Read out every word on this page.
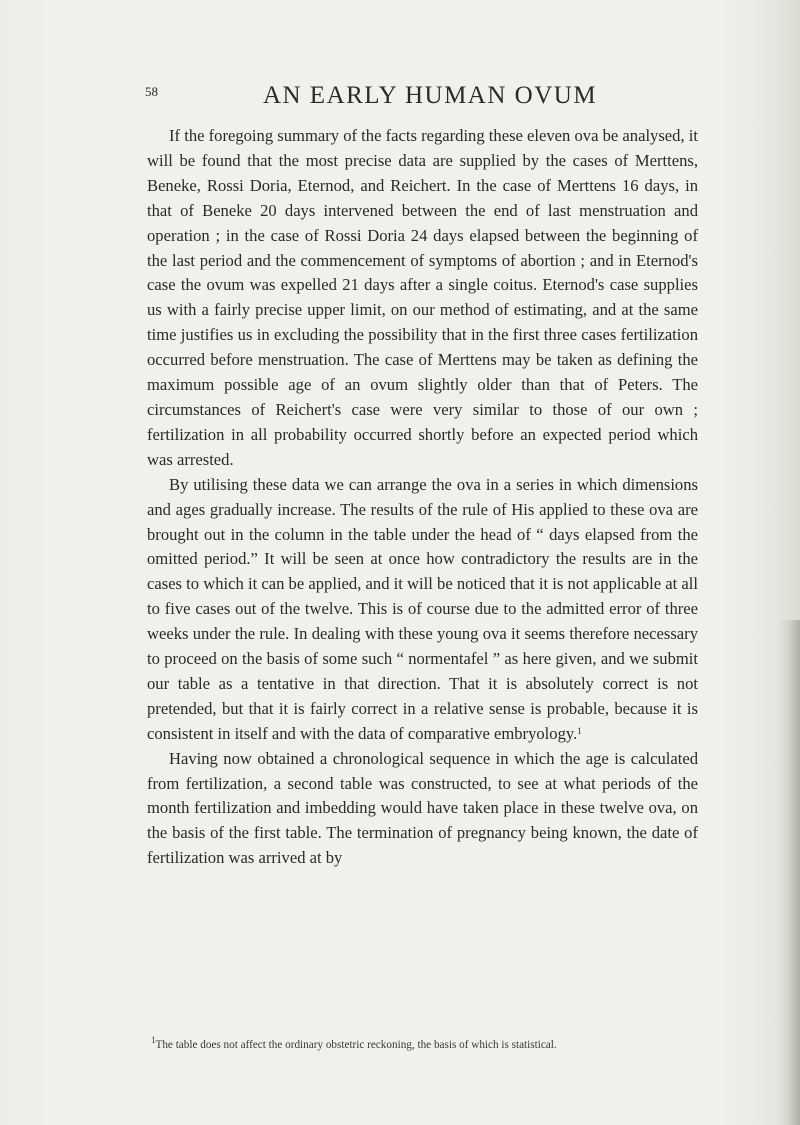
58	AN EARLY HUMAN OVUM

If the foregoing summary of the facts regarding these eleven ova be analysed, it will be found that the most precise data are supplied by the cases of Merttens, Beneke, Rossi Doria, Eternod, and Reichert. In the case of Merttens 16 days, in that of Beneke 20 days intervened between the end of last menstruation and operation ; in the case of Rossi Doria 24 days elapsed between the beginning of the last period and the commencement of symptoms of abortion ; and in Eternod's case the ovum was expelled 21 days after a single coitus. Eternod's case supplies us with a fairly precise upper limit, on our method of estimating, and at the same time justifies us in excluding the possibility that in the first three cases fertilization occurred before menstruation. The case of Merttens may be taken as defining the maximum possible age of an ovum slightly older than that of Peters. The circumstances of Reichert's case were very similar to those of our own ; fertilization in all probability occurred shortly before an expected period which was arrested.

By utilising these data we can arrange the ova in a series in which dimensions and ages gradually increase. The results of the rule of His applied to these ova are brought out in the column in the table under the head of “ days elapsed from the omitted period.” It will be seen at once how contradictory the results are in the cases to which it can be applied, and it will be noticed that it is not applicable at all to five cases out of the twelve. This is of course due to the admitted error of three weeks under the rule. In dealing with these young ova it seems therefore necessary to proceed on the basis of some such “ normentafel ” as here given, and we submit our table as a tentative in that direction. That it is absolutely correct is not pretended, but that it is fairly correct in a relative sense is probable, because it is consistent in itself and with the data of comparative embryology.$^1$

Having now obtained a chronological sequence in which the age is calculated from fertilization, a second table was constructed, to see at what periods of the month fertilization and imbedding would have taken place in these twelve ova, on the basis of the first table. The termination of pregnancy being known, the date of fertilization was arrived at by

$^1$The table does not affect the ordinary obstetric reckoning, the basis of which is statistical.
